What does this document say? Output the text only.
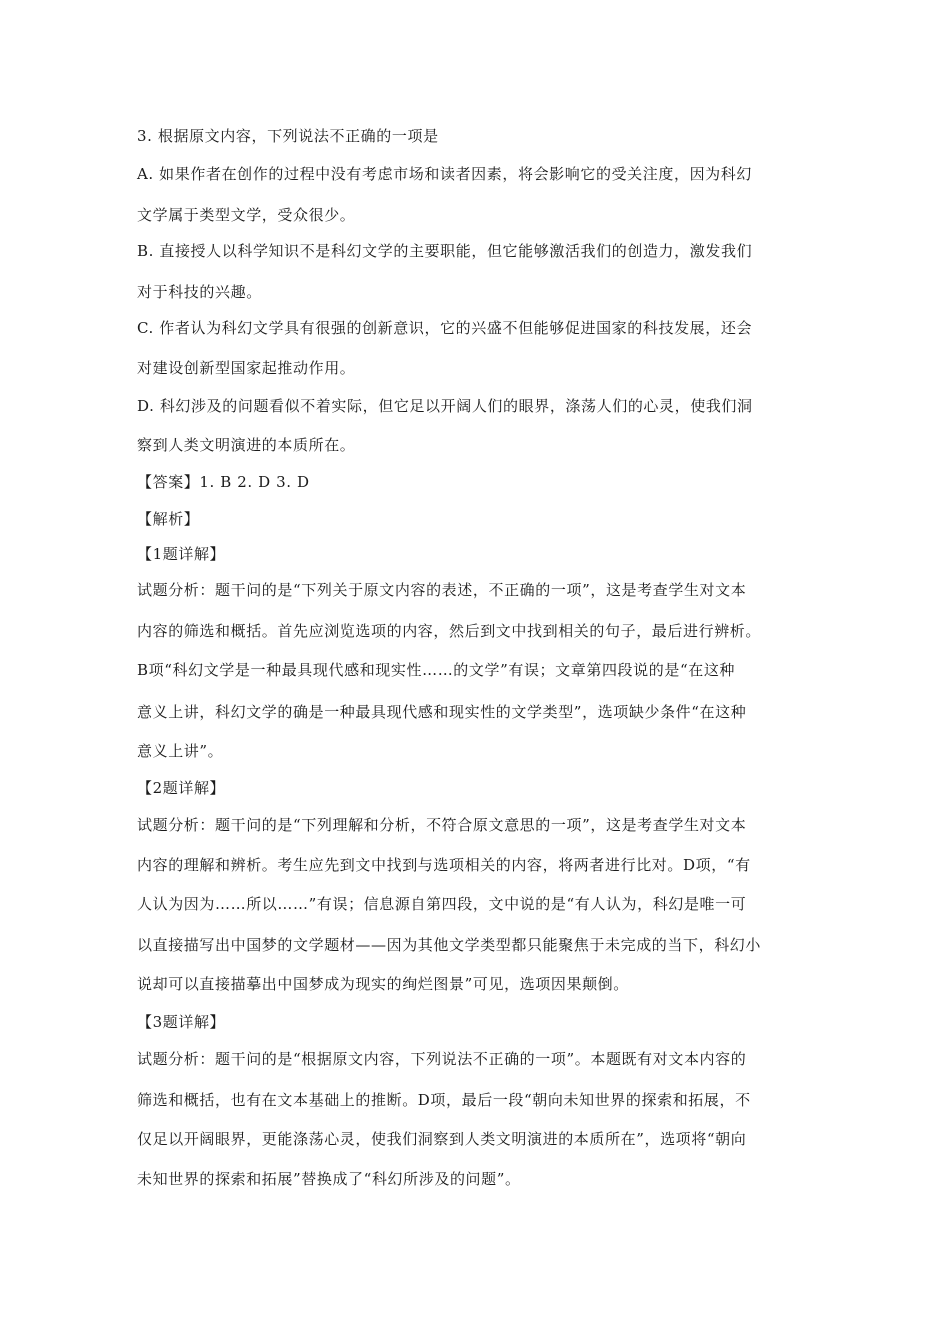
3. 根据原文内容，下列说法不正确的一项是
A. 如果作者在创作的过程中没有考虑市场和读者因素，将会影响它的受关注度，因为科幻
文学属于类型文学，受众很少。
B. 直接授人以科学知识不是科幻文学的主要职能，但它能够激活我们的创造力，激发我们
对于科技的兴趣。
C. 作者认为科幻文学具有很强的创新意识，它的兴盛不但能够促进国家的科技发展，还会
对建设创新型国家起推动作用。
D. 科幻涉及的问题看似不着实际，但它足以开阔人们的眼界，涤荡人们的心灵，使我们洞
察到人类文明演进的本质所在。
【答案】1. B 2. D 3. D
【解析】
【1题详解】
试题分析：题干问的是“下列关于原文内容的表述，不正确的一项”，这是考查学生对文本
内容的筛选和概括。首先应浏览选项的内容，然后到文中找到相关的句子，最后进行辨析。
B项“科幻文学是一种最具现代感和现实性……的文学”有误；文章第四段说的是“在这种
意义上讲，科幻文学的确是一种最具现代感和现实性的文学类型”，选项缺少条件“在这种
意义上讲”。
【2题详解】
试题分析：题干问的是“下列理解和分析，不符合原文意思的一项”，这是考查学生对文本
内容的理解和辨析。考生应先到文中找到与选项相关的内容，将两者进行比对。D项，“有
人认为因为……所以……”有误；信息源自第四段，文中说的是“有人认为，科幻是唯一可
以直接描写出中国梦的文学题材——因为其他文学类型都只能聚焦于未完成的当下，科幻小
说却可以直接描摹出中国梦成为现实的绚烂图景”可见，选项因果颠倒。
【3题详解】
试题分析：题干问的是“根据原文内容，下列说法不正确的一项”。本题既有对文本内容的
筛选和概括，也有在文本基础上的推断。D项，最后一段“朝向未知世界的探索和拓展，不
仅足以开阔眼界，更能涤荡心灵，使我们洞察到人类文明演进的本质所在”，选项将“朝向
未知世界的探索和拓展”替换成了“科幻所涉及的问题”。
